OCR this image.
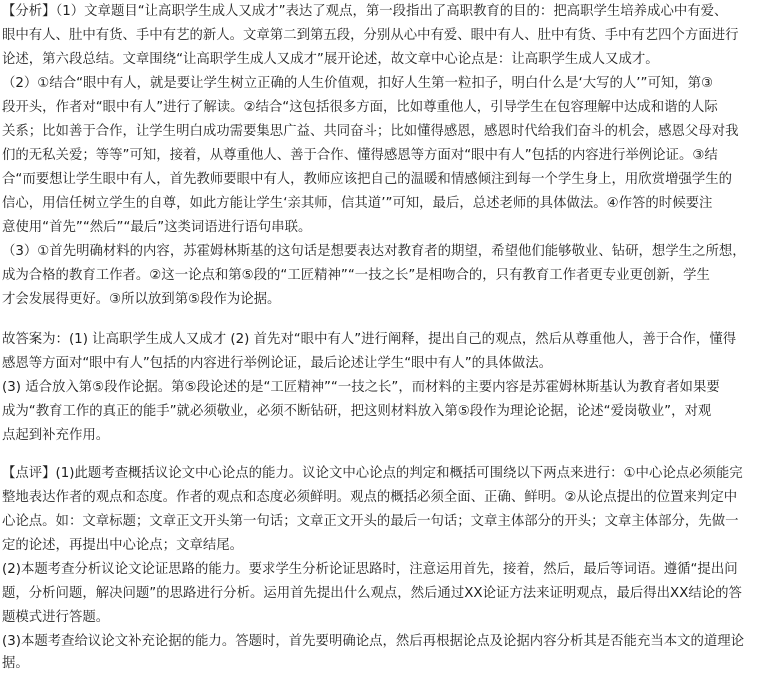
【分析】（1）文章题目“让高职学生成人又成才”表达了观点，第一段指出了高职教育的目的：把高职学生培养成心中有爱、
眼中有人、肚中有货、手中有艺的新人。文章第二到第五段，分别从心中有爱、眼中有人、肚中有货、手中有艺四个方面进行
论述，第六段总结。文章围绕“让高职学生成人又成才”展开论述，故文章中心论点是：让高职学生成人又成才。
（2）①结合“眼中有人，就是要让学生树立正确的人生价值观，扣好人生第一粒扣子，明白什么是‘大写的人’”可知，第③
段开头，作者对“眼中有人”进行了解读。②结合“这包括很多方面，比如尊重他人，引导学生在包容理解中达成和谐的人际
关系；比如善于合作，让学生明白成功需要集思广益、共同奋斗；比如懂得感恩，感恩时代给我们奋斗的机会，感恩父母对我
们的无私关爱；等等”可知，接着，从尊重他人、善于合作、懂得感恩等方面对“眼中有人”包括的内容进行举例论证。③结
合“而要想让学生眼中有人，首先教师要眼中有人，教师应该把自己的温暖和情感倾注到每一个学生身上，用欣赏增强学生的
信心，用信任树立学生的自尊，如此方能让学生‘亲其师，信其道’”可知，最后，总述老师的具体做法。④作答的时候要注
意使用“首先”“然后”“最后”这类词语进行语句串联。
（3）①首先明确材料的内容，苏霍姆林斯基的这句话是想要表达对教育者的期望，希望他们能够敬业、钻研，想学生之所想，
成为合格的教育工作者。②这一论点和第⑤段的“工匠精神”“一技之长”是相吻合的，只有教育工作者更专业更创新，学生
才会发展得更好。③所以放到第⑤段作为论据。
故答案为：(1) 让高职学生成人又成才 (2) 首先对“眼中有人”进行阐释，提出自己的观点，然后从尊重他人，善于合作，懂得
感恩等方面对“眼中有人”包括的内容进行举例论证，最后论述让学生“眼中有人”的具体做法。
(3) 适合放入第⑤段作论据。第⑤段论述的是“工匠精神”“一技之长”，而材料的主要内容是苏霍姆林斯基认为教育者如果要
成为“教育工作的真正的能手”就必须敬业，必须不断钻研，把这则材料放入第⑤段作为理论论据，论述“爱岗敬业”，对观
点起到补充作用。
【点评】(1)此题考查概括议论文中心论点的能力。议论文中心论点的判定和概括可围绕以下两点来进行：①中心论点必须能完
整地表达作者的观点和态度。作者的观点和态度必须鲜明。观点的概括必须全面、正确、鲜明。②从论点提出的位置来判定中
心论点。如：文章标题；文章正文开头第一句话；文章正文开头的最后一句话；文章主体部分的开头；文章主体部分，先做一
定的论述，再提出中心论点；文章结尾。
(2)本题考查分析议论文论证思路的能力。要求学生分析论证思路时，注意运用首先，接着，然后，最后等词语。遵循“提出问
题，分析问题，解决问题”的思路进行分析。运用首先提出什么观点，然后通过XX论证方法来证明观点，最后得出XX结论的答
题模式进行答题。
(3)本题考查给议论文补充论据的能力。答题时，首先要明确论点，然后再根据论点及论据内容分析其是否能充当本文的道理论
据。
